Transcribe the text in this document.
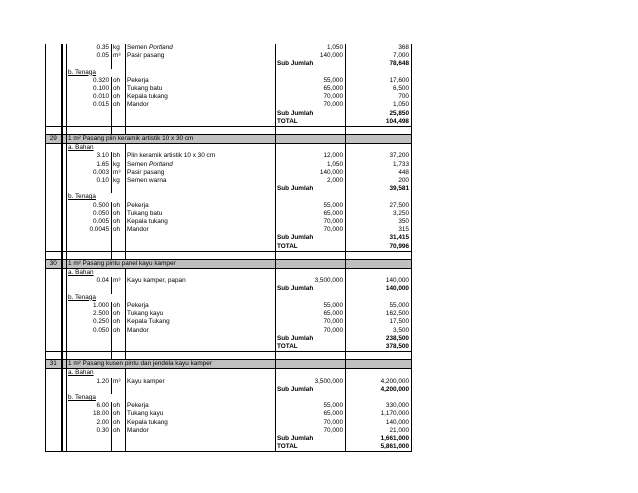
		0.35	kg	Semen Portland	1,050	368
		0.05	m³	Pasir pasang	140,000	7,000
					Sub Jumlah	78,648
		b. Tenaga				
		0.320	oh	Pekerja	55,000	17,600
		0.100	oh	Tukang batu	65,000	6,500
		0.010	oh	Kepala tukang	70,000	700
		0.015	oh	Mandor	70,000	1,050
					Sub Jumlah	25,850
					TOTAL	104,498

29		1 m² Pasang plin keramik artistik 10 x 30 cm				
		a. Bahan				
		3.10	bh	Plin keramik artistik 10 x 30 cm	12,000	37,200
		1.65	kg	Semen Portland	1,050	1,733
		0.003	m³	Pasir pasang	140,000	448
		0.10	kg	Semen warna	2,000	200
					Sub Jumlah	39,581
		b. Tenaga				
		0.500	oh	Pekerja	55,000	27,500
		0.050	oh	Tukang batu	65,000	3,250
		0.005	oh	Kepala tukang	70,000	350
		0.0045	oh	Mandor	70,000	315
					Sub Jumlah	31,415
					TOTAL	70,996

30		1 m² Pasang pintu panel kayu kamper				
		a. Bahan				
		0.04	m³	Kayu kamper, papan	3,500,000	140,000
					Sub Jumlah	140,000
		b. Tenaga				
		1.000	oh	Pekerja	55,000	55,000
		2.500	oh	Tukang kayu	65,000	162,500
		0.250	oh	Kepala Tukang	70,000	17,500
		0.050	oh	Mandor	70,000	3,500
					Sub Jumlah	238,500
					TOTAL	378,500

31		1 m² Pasang kusen pintu dan jendela kayu kamper				
		a. Bahan				
		1.20	m³	Kayu kamper	3,500,000	4,200,000
					Sub Jumlah	4,200,000
		b. Tenaga				
		6.00	oh	Pekerja	55,000	330,000
		18.00	oh	Tukang kayu	65,000	1,170,000
		2.00	oh	Kepala tukang	70,000	140,000
		0.30	oh	Mandor	70,000	21,000
					Sub Jumlah	1,661,000
					TOTAL	5,861,000
